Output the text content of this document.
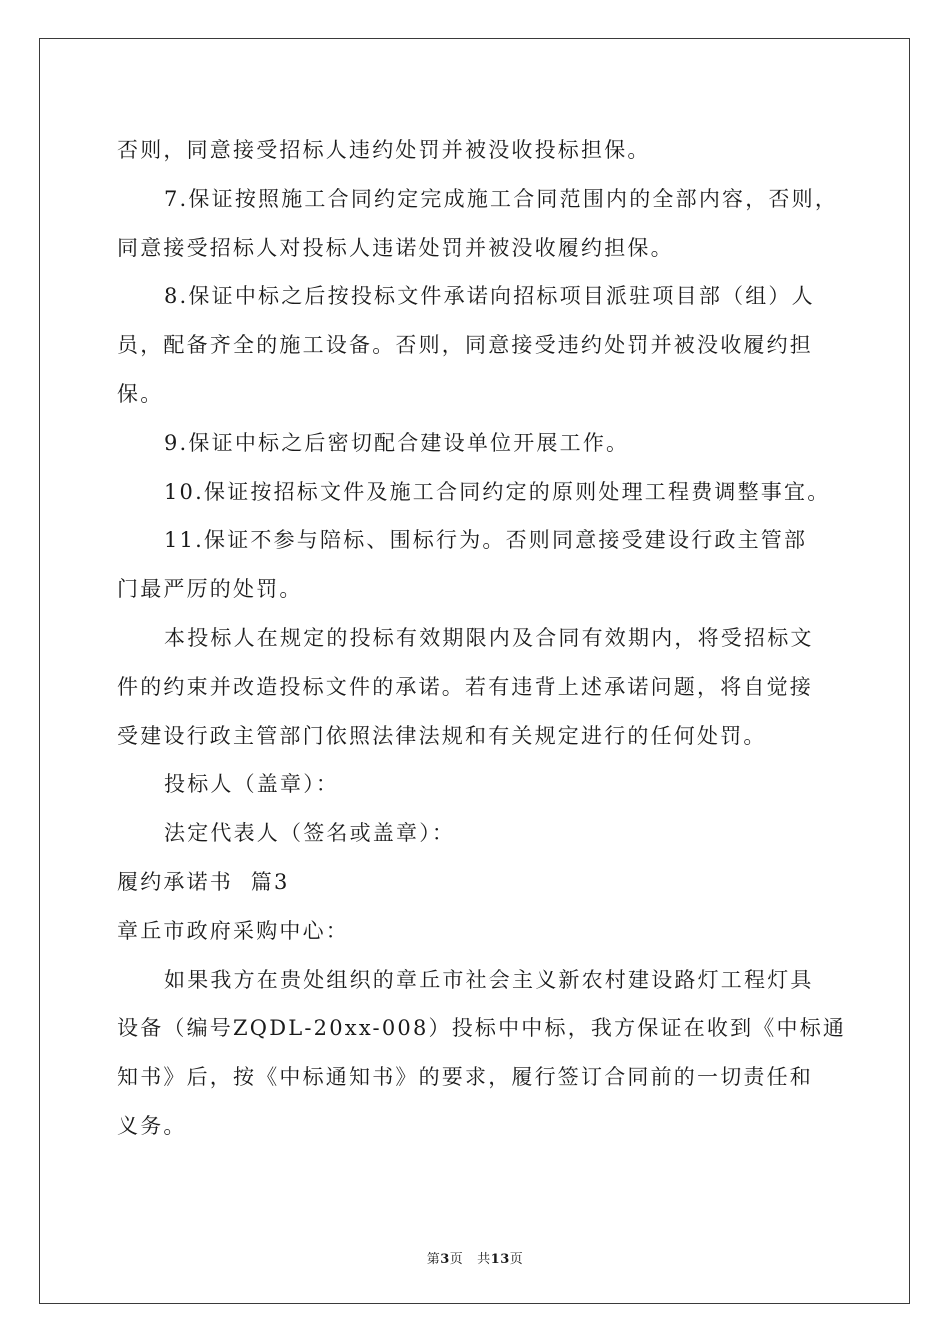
否则，同意接受招标人违约处罚并被没收投标担保。
7.保证按照施工合同约定完成施工合同范围内的全部内容，否则，
同意接受招标人对投标人违诺处罚并被没收履约担保。
8.保证中标之后按投标文件承诺向招标项目派驻项目部（组）人
员，配备齐全的施工设备。否则，同意接受违约处罚并被没收履约担
保。
9.保证中标之后密切配合建设单位开展工作。
10.保证按招标文件及施工合同约定的原则处理工程费调整事宜。
11.保证不参与陪标、围标行为。否则同意接受建设行政主管部
门最严厉的处罚。
本投标人在规定的投标有效期限内及合同有效期内，将受招标文
件的约束并改造投标文件的承诺。若有违背上述承诺问题，将自觉接
受建设行政主管部门依照法律法规和有关规定进行的任何处罚。
投标人（盖章）：
法定代表人（签名或盖章）：
履约承诺书  篇3
章丘市政府采购中心：
如果我方在贵处组织的章丘市社会主义新农村建设路灯工程灯具
设备（编号ZQDL-20xx-008）投标中中标，我方保证在收到《中标通
知书》后，按《中标通知书》的要求，履行签订合同前的一切责任和
义务。
第3页   共13页
